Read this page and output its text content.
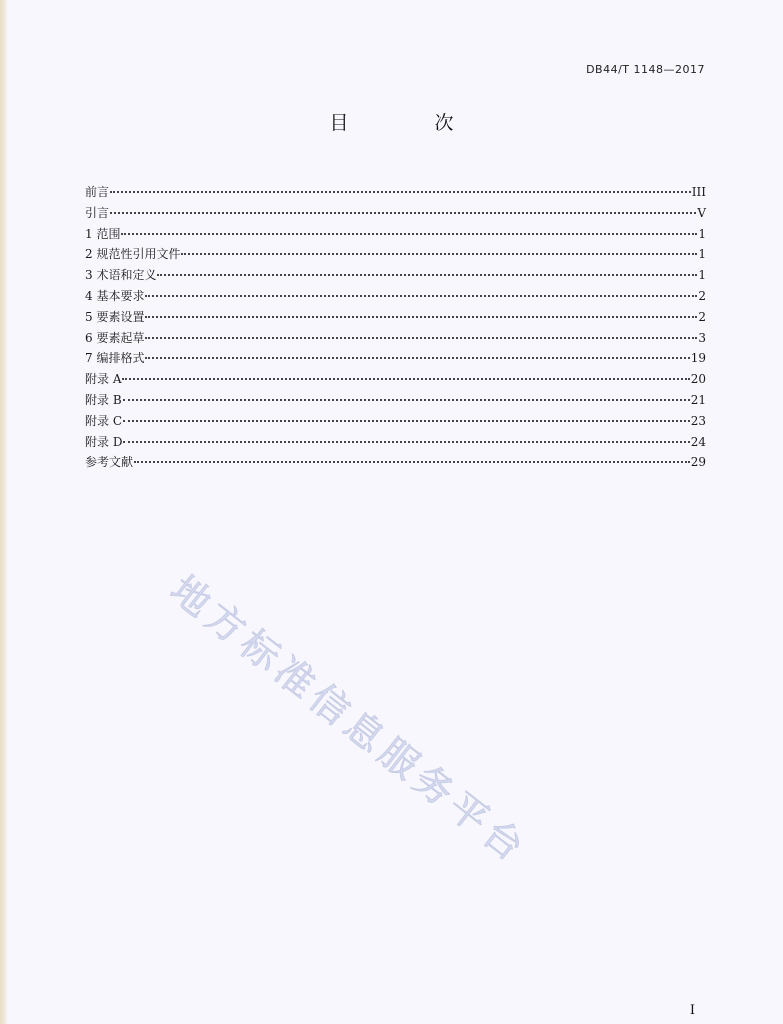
DB44/T 1148—2017
目 次
前言	III
引言	V
1 范围	1
2 规范性引用文件	1
3 术语和定义	1
4 基本要求	2
5 要素设置	2
6 要素起草	3
7 编排格式	19
附录 A	20
附录 B	21
附录 C	23
附录 D	24
参考文献	29
地方标准信息服务平台
I
